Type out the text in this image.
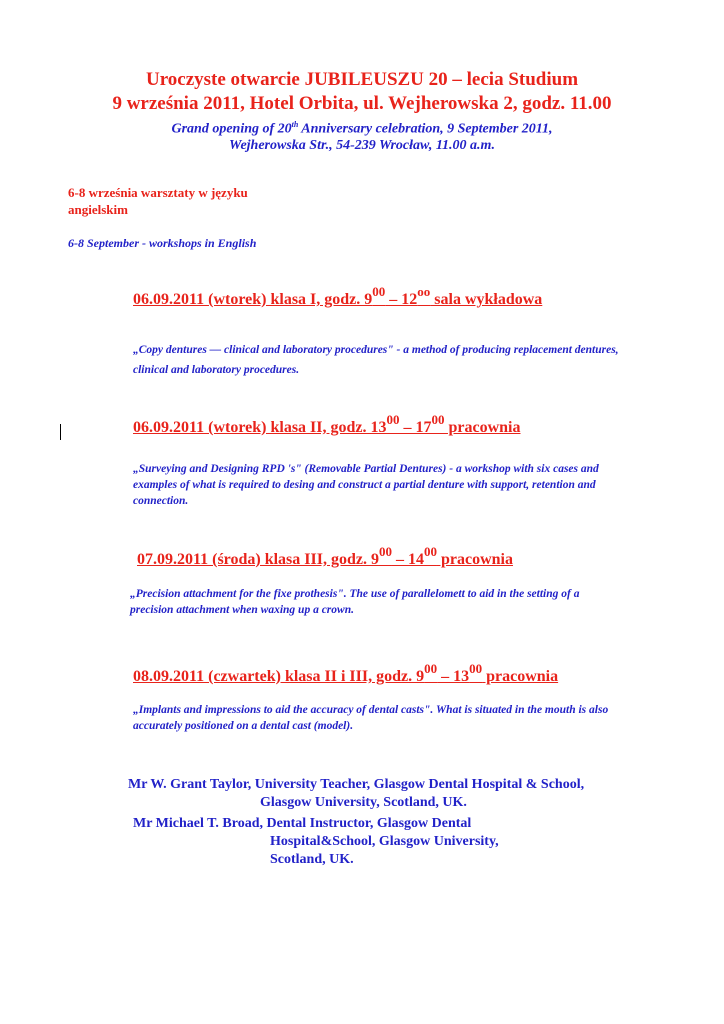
Uroczyste otwarcie JUBILEUSZU 20 – lecia Studium
9 września 2011, Hotel Orbita, ul. Wejherowska 2, godz. 11.00
Grand opening of 20th Anniversary celebration, 9 September 2011,
Wejherowska Str., 54-239 Wrocław, 11.00 a.m.
6-8 września warsztaty w języku angielskim
6-8 September - workshops in English
06.09.2011 (wtorek) klasa I, godz. $9^{00} - 12^{oo}$ sala wykładowa
„Copy dentures — clinical and laboratory procedures" - a method of producing replacement dentures, clinical and laboratory procedures.
06.09.2011 (wtorek) klasa II, godz. $13^{00} - 17^{00}$ pracownia
„Surveying and Designing RPD 's" (Removable Partial Dentures) - a workshop with six cases and examples of what is required to desing and construct a partial denture with support, retention and connection.
07.09.2011 (środa) klasa III, godz. $9^{00} - 14^{00}$ pracownia
„Precision attachment for the fixe prothesis". The use of parallelomett to aid in the setting of a precision attachment when waxing up a crown.
08.09.2011 (czwartek) klasa II i III, godz. $9^{00} - 13^{00}$ pracownia
„Implants and impressions to aid the accuracy of dental casts". What is situated in the mouth is also accurately positioned on a dental cast (model).
Mr W. Grant Taylor, University Teacher, Glasgow Dental Hospital & School,
Glasgow University, Scotland, UK.
Mr Michael T. Broad, Dental Instructor, Glasgow Dental
Hospital&School, Glasgow University,
Scotland, UK.
